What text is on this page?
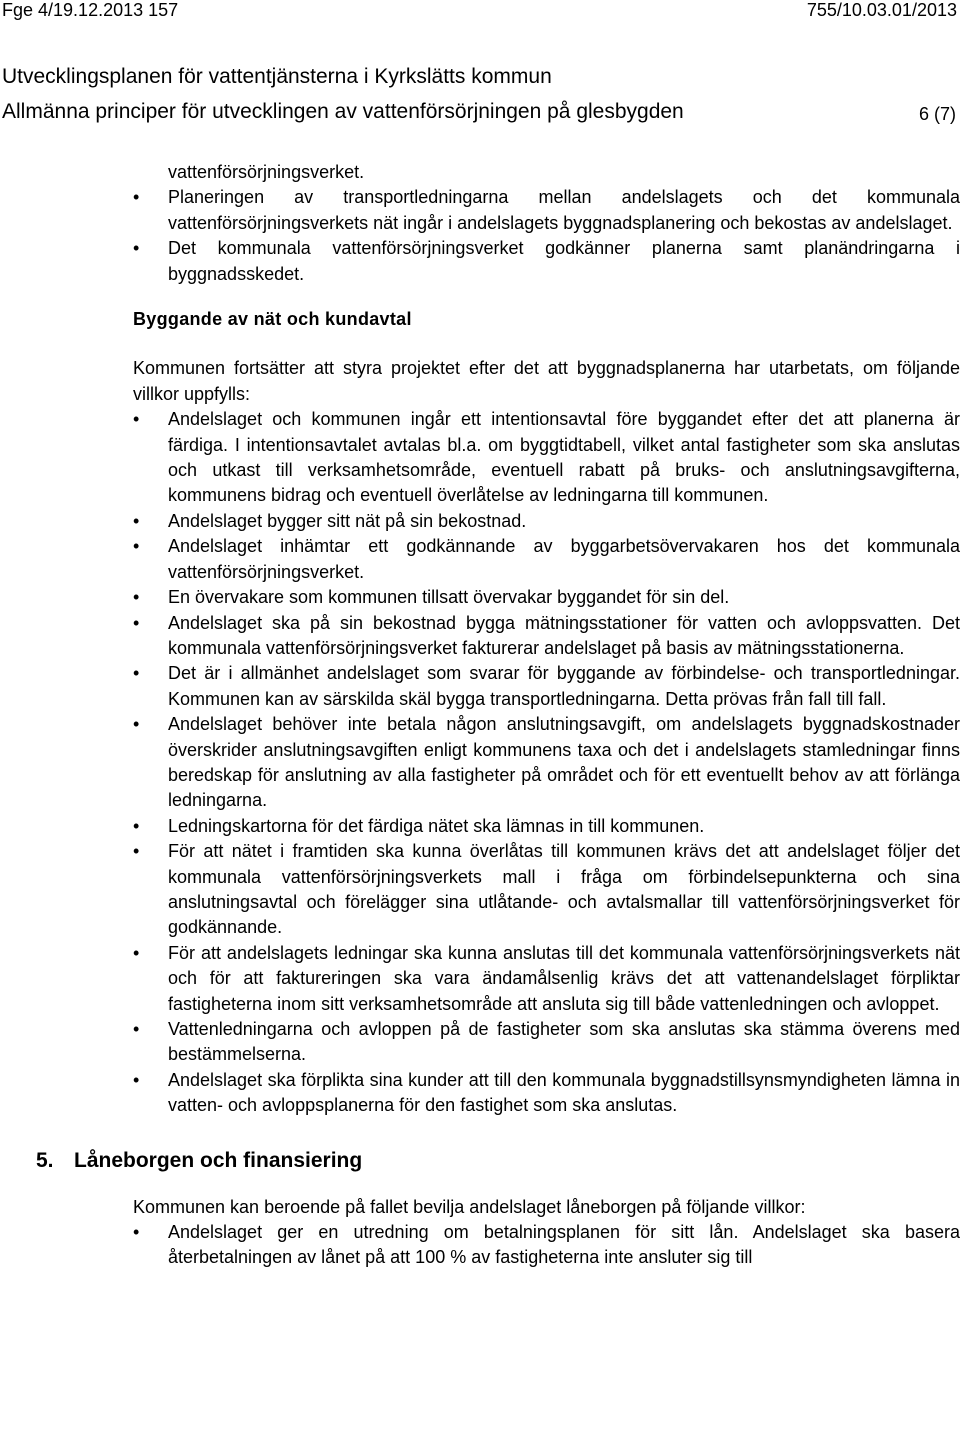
Fge 4/19.12.2013 157	755/10.03.01/2013
Utvecklingsplanen för vattentjänsterna i Kyrkslätts kommun
Allmänna principer för utvecklingen av vattenförsörjningen på glesbygden	6 (7)

vattenförsörjningsverket.

• Planeringen av transportledningarna mellan andelslagets och det kommunala vattenförsörjningsverkets nät ingår i andelslagets byggnadsplanering och bekostas av andelslaget.
• Det kommunala vattenförsörjningsverket godkänner planerna samt planändringarna i byggnadsskedet.
Byggande av nät och kundavtal

Kommunen fortsätter att styra projektet efter det att byggnadsplanerna har utarbetats, om följande villkor uppfylls:

• Andelslaget och kommunen ingår ett intentionsavtal före byggandet efter det att planerna är färdiga. I intentionsavtalet avtalas bl.a. om byggtidtabell, vilket antal fastigheter som ska anslutas och utkast till verksamhetsområde, eventuell rabatt på bruks- och anslutningsavgifterna, kommunens bidrag och eventuell överlåtelse av ledningarna till kommunen.
• Andelslaget bygger sitt nät på sin bekostnad.
• Andelslaget inhämtar ett godkännande av byggarbetsövervakaren hos det kommunala vattenförsörjningsverket.
• En övervakare som kommunen tillsatt övervakar byggandet för sin del.
• Andelslaget ska på sin bekostnad bygga mätningsstationer för vatten och avloppsvatten. Det kommunala vattenförsörjningsverket fakturerar andelslaget på basis av mätningsstationerna.
• Det är i allmänhet andelslaget som svarar för byggande av förbindelse- och transportledningar. Kommunen kan av särskilda skäl bygga transportledningarna. Detta prövas från fall till fall.
• Andelslaget behöver inte betala någon anslutningsavgift, om andelslagets byggnadskostnader överskrider anslutningsavgiften enligt kommunens taxa och det i andelslagets stamledningar finns beredskap för anslutning av alla fastigheter på området och för ett eventuellt behov av att förlänga ledningarna.
• Ledningskartorna för det färdiga nätet ska lämnas in till kommunen.
• För att nätet i framtiden ska kunna överlåtas till kommunen krävs det att andelslaget följer det kommunala vattenförsörjningsverkets mall i fråga om förbindelsepunkterna och sina anslutningsavtal och förelägger sina utlåtande- och avtalsmallar till vattenförsörjningsverket för godkännande.
• För att andelslagets ledningar ska kunna anslutas till det kommunala vattenförsörjningsverkets nät och för att faktureringen ska vara ändamålsenlig krävs det att vattenandelslaget förpliktar fastigheterna inom sitt verksamhetsområde att ansluta sig till både vattenledningen och avloppet.
• Vattenledningarna och avloppen på de fastigheter som ska anslutas ska stämma överens med bestämmelserna.
• Andelslaget ska förplikta sina kunder att till den kommunala byggnadstillsynsmyndigheten lämna in vatten- och avloppsplanerna för den fastighet som ska anslutas.
5. Låneborgen och finansiering

Kommunen kan beroende på fallet bevilja andelslaget låneborgen på följande villkor:

• Andelslaget ger en utredning om betalningsplanen för sitt lån. Andelslaget ska basera återbetalningen av lånet på att 100 % av fastigheterna inte ansluter sig till
